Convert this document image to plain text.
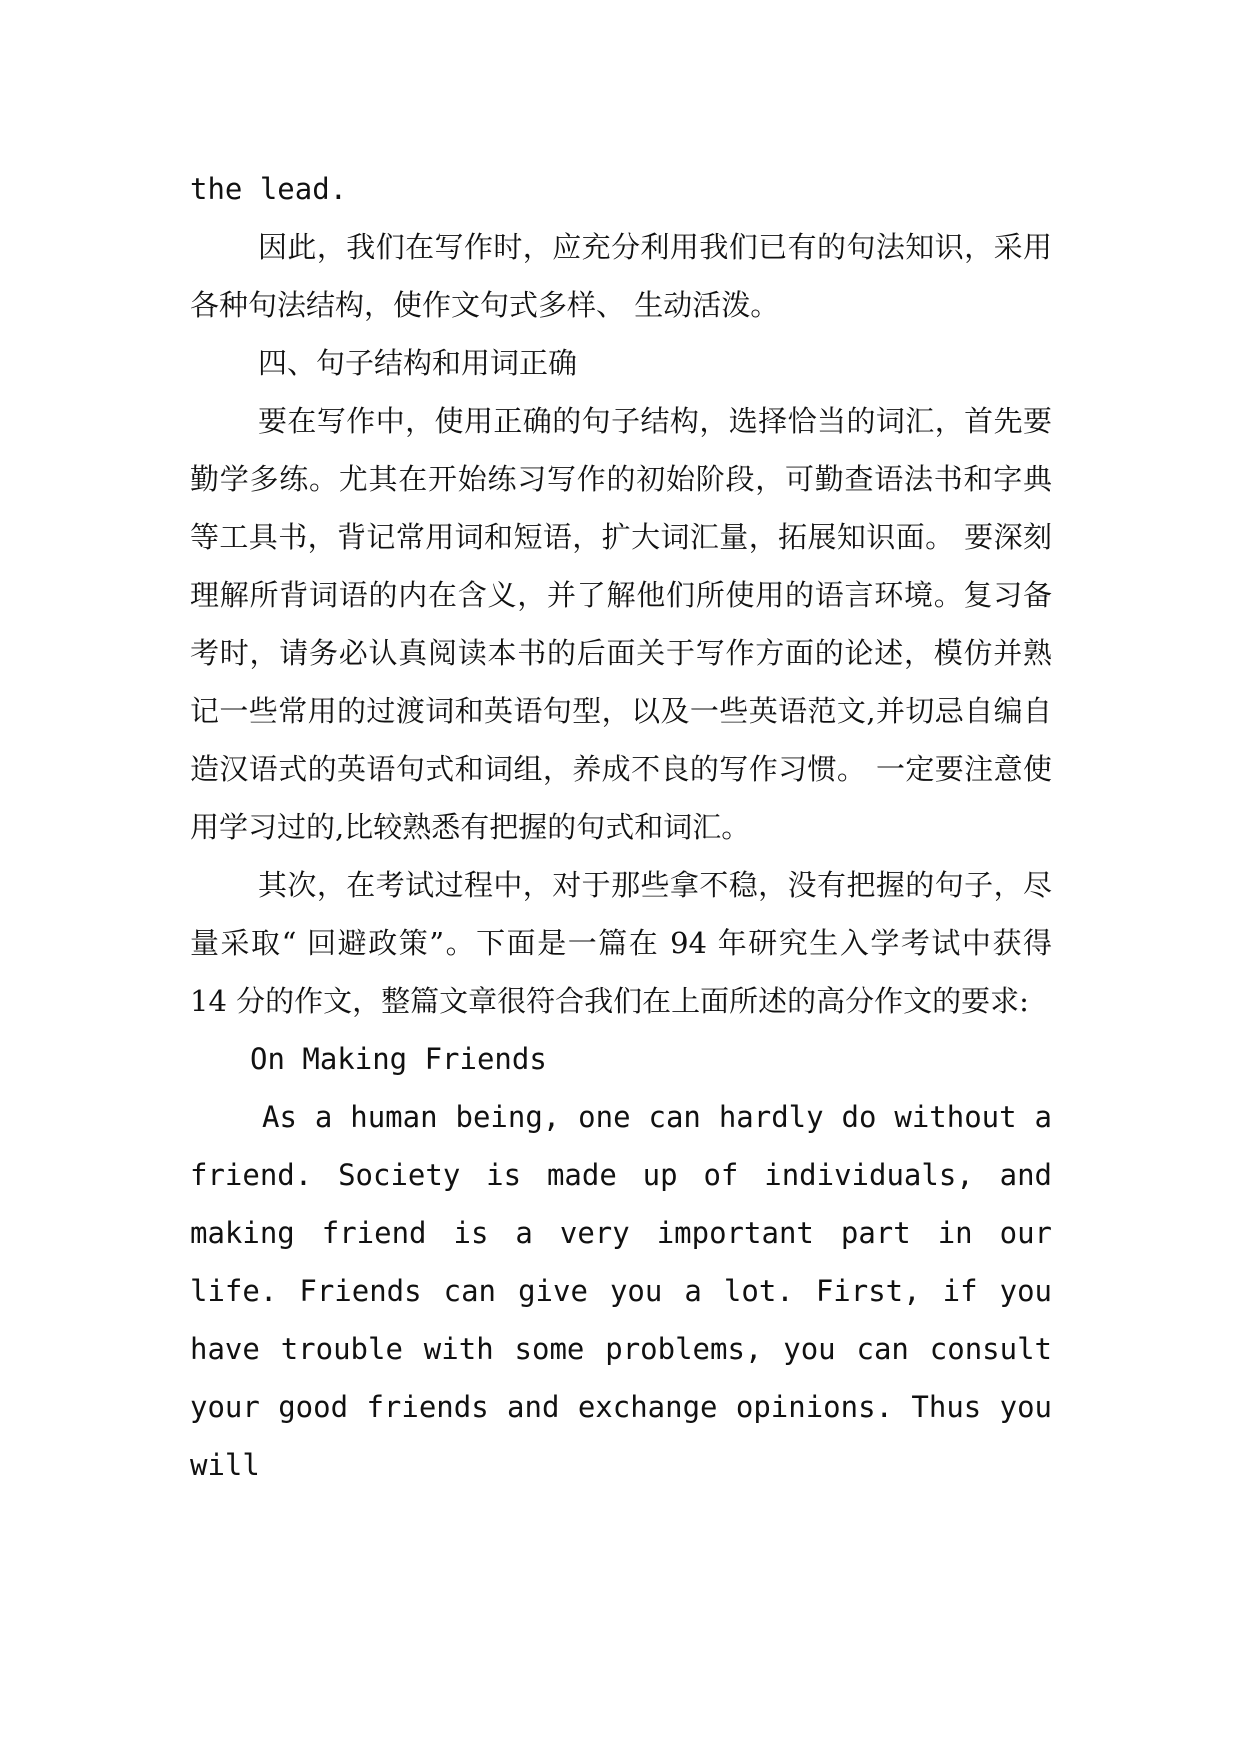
the lead.

因此，我们在写作时，应充分利用我们已有的句法知识，采用各种句法结构，使作文句式多样、 生动活泼。

四、句子结构和用词正确

要在写作中，使用正确的句子结构，选择恰当的词汇，首先要勤学多练。尤其在开始练习写作的初始阶段，可勤查语法书和字典等工具书，背记常用词和短语，扩大词汇量，拓展知识面。 要深刻理解所背词语的内在含义，并了解他们所使用的语言环境。复习备考时，请务必认真阅读本书的后面关于写作方面的论述，模仿并熟记一些常用的过渡词和英语句型，以及一些英语范文,并切忌自编自造汉语式的英语句式和词组，养成不良的写作习惯。 一定要注意使用学习过的,比较熟悉有把握的句式和词汇。

其次，在考试过程中，对于那些拿不稳，没有把握的句子，尽量采取“ 回避政策”。下面是一篇在 94 年研究生入学考试中获得 14 分的作文，整篇文章很符合我们在上面所述的高分作文的要求:

On Making Friends

As a human being, one can hardly do without a friend. Society is made up of individuals, and making friend is a very important part in our life. Friends can give you a lot. First, if you have trouble with some problems, you can consult your good friends and exchange opinions. Thus you will
